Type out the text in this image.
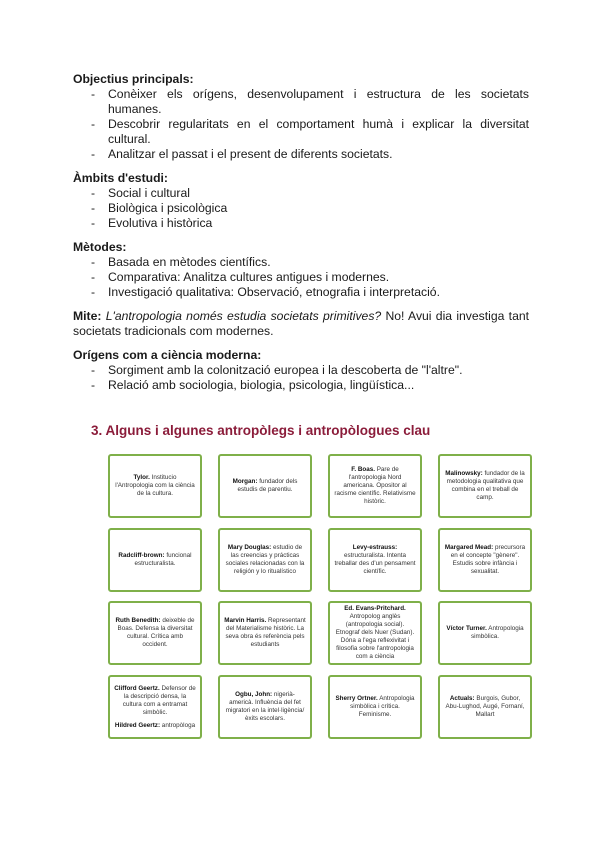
Objectius principals:
- Conèixer els orígens, desenvolupament i estructura de les societats humanes.
- Descobrir regularitats en el comportament humà i explicar la diversitat cultural.
- Analitzar el passat i el present de diferents societats.
Àmbits d'estudi:
- Social i cultural
- Biològica i psicològica
- Evolutiva i històrica
Mètodes:
- Basada en mètodes científics.
- Comparativa: Analitza cultures antigues i modernes.
- Investigació qualitativa: Observació, etnografia i interpretació.
Mite: L'antropologia només estudia societats primitives? No! Avui dia investiga tant societats tradicionals com modernes.
Orígens com a ciència moderna:
- Sorgiment amb la colonització europea i la descoberta de "l'altre".
- Relació amb sociologia, biologia, psicologia, lingüística...
3. Alguns i algunes antropòlegs i antropòlogues clau
Tylor. Institucio l'Antropologia com la ciència de la cultura.
Morgan: fundador dels estudis de parentiu.
F. Boas. Pare de l'antropologia Nord americana. Opositor al racisme científic. Relativisme històric.
Malinowsky: fundador de la metodologia qualitativa que combina en el treball de camp.
Radcliff-brown: funcional estructuralista.
Mary Douglas: estudio de las creencias y prácticas sociales relacionadas con la religión y lo ritualístico
Levy-estrauss: estructuralista. Intenta treballar des d'un pensament científic.
Margared Mead: precursora en el concepte "gènere". Estudis sobre infància i sexualitat.
Ruth Benedith: deixeble de Boas. Defensa la diversitat cultural. Crítica amb occident.
Marvin Harris. Representant del Materialisme històric. La seva obra és referència pels estudiants
Ed. Evans-Pritchard. Antropolog anglès (antropologia social). Etnograf dels Nuer (Sudan). Dóna a l'ega reflexivitat i filosofia sobre l'antropologia com a ciència
Víctor Turner. Antropologia simbòlica.
Clifford Geertz. Defensor de la descripció densa, la cultura com a entramat simbòlic.
Hildred Geertz: antropòloga
Ogbu, John: nigerià-americà. Influència del fet migratori en la intel·ligència/èxits escolars.
Sherry Ortner. Antropologia simbòlica i crítica. Feminisme.
Actuals: Burgois, Gubor, Abu-Lughod, Augé, Fornaní, Mallart
